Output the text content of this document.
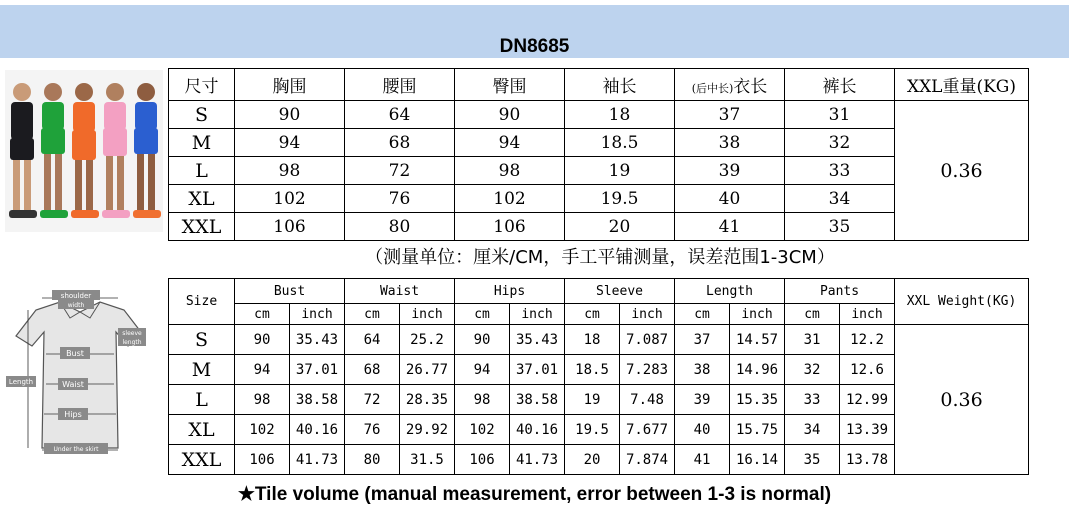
DN8685
尺寸	胸围	腰围	臀围	袖长	(后中长)衣长	裤长	XXL重量(KG)
S	90	64	90	18	37	31	0.36
M	94	68	94	18.5	38	32	
L	98	72	98	19	39	33	
XL	102	76	102	19.5	40	34	
XXL	106	80	106	20	41	35	
（测量单位：厘米/CM，手工平铺测量，误差范围1-3CM）
shoulder
width
sleeve
length
Bust
Length	Waist
Hips
Under the skirt
Size	Bust		Waist		Hips		Sleeve		Length		Pants		XXL Weight(KG)
	cm	inch	cm	inch	cm	inch	cm	inch	cm	inch	cm	inch	
S	90	35.43	64	25.2	90	35.43	18	7.087	37	14.57	31	12.2	0.36
M	94	37.01	68	26.77	94	37.01	18.5	7.283	38	14.96	32	12.6	
L	98	38.58	72	28.35	98	38.58	19	7.48	39	15.35	33	12.99	
XL	102	40.16	76	29.92	102	40.16	19.5	7.677	40	15.75	34	13.39	
XXL	106	41.73	80	31.5	106	41.73	20	7.874	41	16.14	35	13.78	
★Tile volume (manual measurement, error between 1-3 is normal)
